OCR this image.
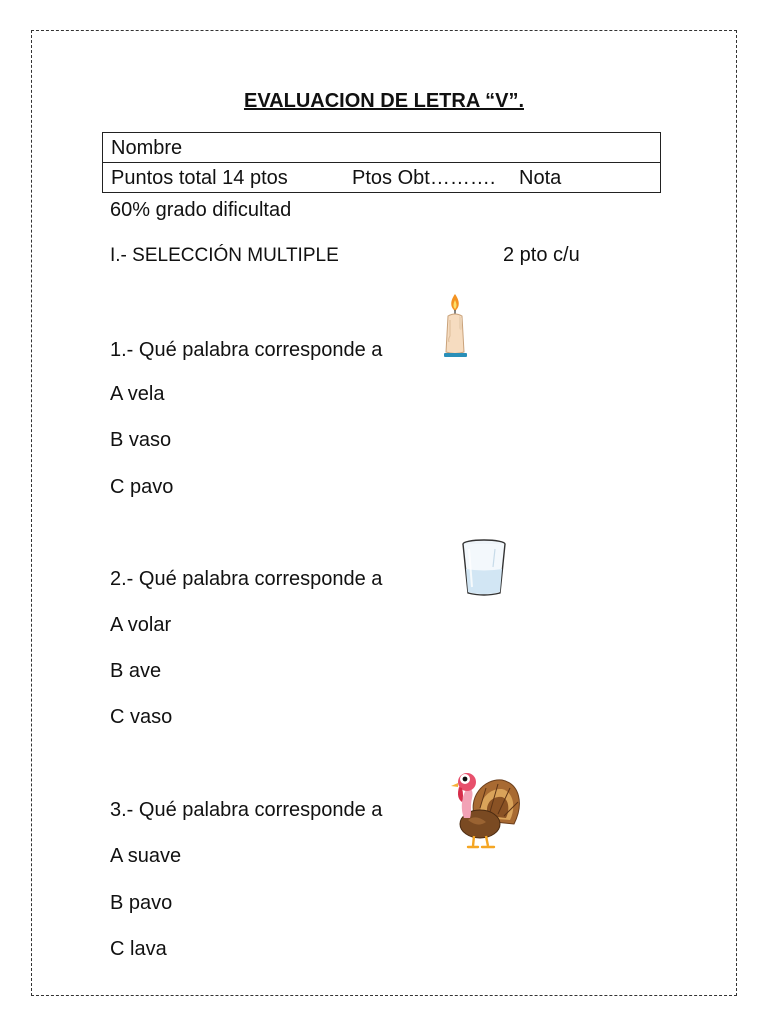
EVALUACION DE LETRA “V”.
Nombre
Puntos total 14 ptos	Ptos Obt………. Nota
60% grado dificultad
I.- SELECCIÓN MULTIPLE	2 pto c/u
1.- Qué palabra corresponde a
A vela
B vaso
C pavo
2.- Qué palabra corresponde a
A volar
B ave
C vaso
3.- Qué palabra corresponde a
A suave
B pavo
C lava
